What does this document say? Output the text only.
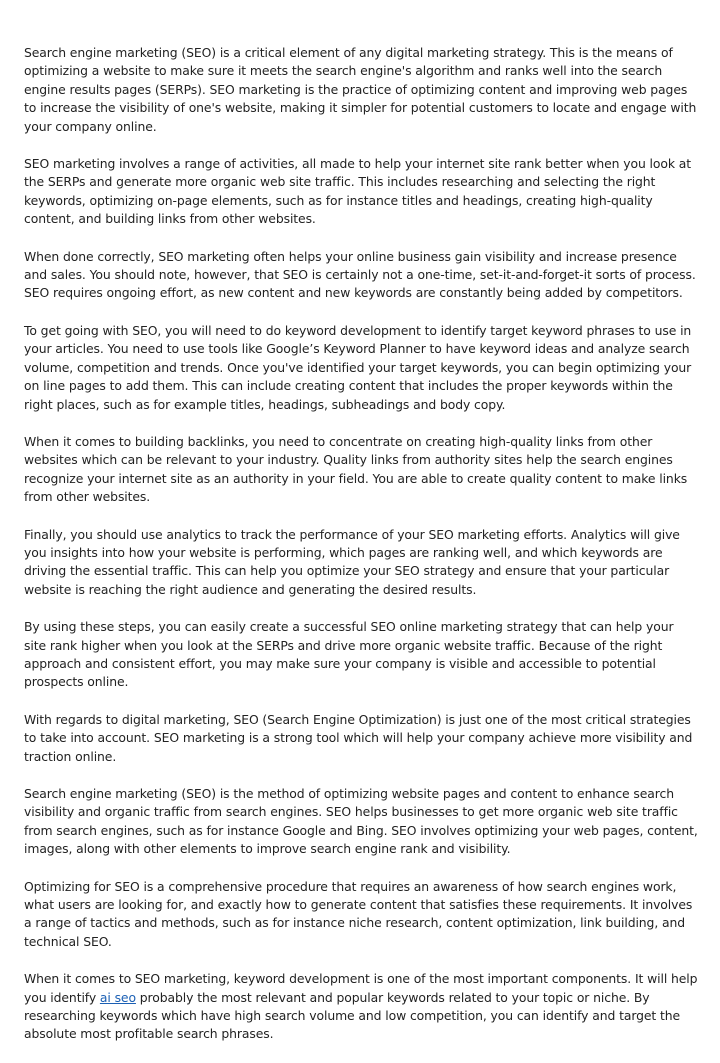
Search engine marketing (SEO) is a critical element of any digital marketing strategy. This is the means of optimizing a website to make sure it meets the search engine's algorithm and ranks well into the search engine results pages (SERPs). SEO marketing is the practice of optimizing content and improving web pages to increase the visibility of one's website, making it simpler for potential customers to locate and engage with your company online.

SEO marketing involves a range of activities, all made to help your internet site rank better when you look at the SERPs and generate more organic web site traffic. This includes researching and selecting the right keywords, optimizing on-page elements, such as for instance titles and headings, creating high-quality content, and building links from other websites.

When done correctly, SEO marketing often helps your online business gain visibility and increase presence and sales. You should note, however, that SEO is certainly not a one-time, set-it-and-forget-it sorts of process. SEO requires ongoing effort, as new content and new keywords are constantly being added by competitors.

To get going with SEO, you will need to do keyword development to identify target keyword phrases to use in your articles. You need to use tools like Google’s Keyword Planner to have keyword ideas and analyze search volume, competition and trends. Once you've identified your target keywords, you can begin optimizing your on line pages to add them. This can include creating content that includes the proper keywords within the right places, such as for example titles, headings, subheadings and body copy.

When it comes to building backlinks, you need to concentrate on creating high-quality links from other websites which can be relevant to your industry. Quality links from authority sites help the search engines recognize your internet site as an authority in your field. You are able to create quality content to make links from other websites.

Finally, you should use analytics to track the performance of your SEO marketing efforts. Analytics will give you insights into how your website is performing, which pages are ranking well, and which keywords are driving the essential traffic. This can help you optimize your SEO strategy and ensure that your particular website is reaching the right audience and generating the desired results.

By using these steps, you can easily create a successful SEO online marketing strategy that can help your site rank higher when you look at the SERPs and drive more organic website traffic. Because of the right approach and consistent effort, you may make sure your company is visible and accessible to potential prospects online.

With regards to digital marketing, SEO (Search Engine Optimization) is just one of the most critical strategies to take into account. SEO marketing is a strong tool which will help your company achieve more visibility and traction online.

Search engine marketing (SEO) is the method of optimizing website pages and content to enhance search visibility and organic traffic from search engines. SEO helps businesses to get more organic web site traffic from search engines, such as for instance Google and Bing. SEO involves optimizing your web pages, content, images, along with other elements to improve search engine rank and visibility.

Optimizing for SEO is a comprehensive procedure that requires an awareness of how search engines work, what users are looking for, and exactly how to generate content that satisfies these requirements. It involves a range of tactics and methods, such as for instance niche research, content optimization, link building, and technical SEO.

When it comes to SEO marketing, keyword development is one of the most important components. It will help you identify ai seo probably the most relevant and popular keywords related to your topic or niche. By researching keywords which have high search volume and low competition, you can identify and target the absolute most profitable search phrases.
